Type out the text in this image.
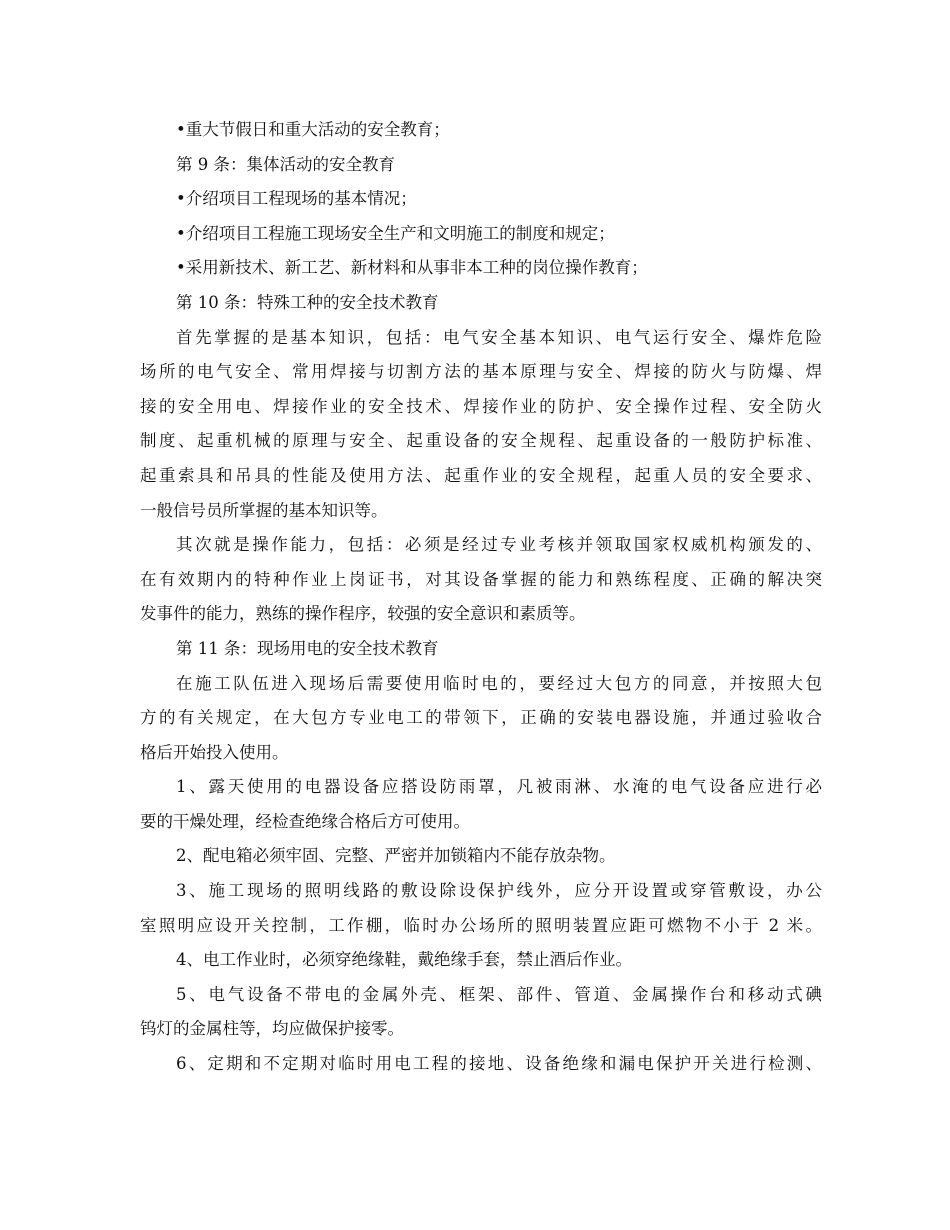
•重大节假日和重大活动的安全教育；
第 9 条：集体活动的安全教育
•介绍项目工程现场的基本情况；
•介绍项目工程施工现场安全生产和文明施工的制度和规定；
•采用新技术、新工艺、新材料和从事非本工种的岗位操作教育；
第 10 条：特殊工种的安全技术教育
首先掌握的是基本知识，包括：电气安全基本知识、电气运行安全、爆炸危险
场所的电气安全、常用焊接与切割方法的基本原理与安全、焊接的防火与防爆、焊
接的安全用电、焊接作业的安全技术、焊接作业的防护、安全操作过程、安全防火
制度、起重机械的原理与安全、起重设备的安全规程、起重设备的一般防护标准、
起重索具和吊具的性能及使用方法、起重作业的安全规程，起重人员的安全要求、
一般信号员所掌握的基本知识等。
其次就是操作能力，包括：必须是经过专业考核并领取国家权威机构颁发的、
在有效期内的特种作业上岗证书，对其设备掌握的能力和熟练程度、正确的解决突
发事件的能力，熟练的操作程序，较强的安全意识和素质等。
第 11 条：现场用电的安全技术教育
在施工队伍进入现场后需要使用临时电的，要经过大包方的同意，并按照大包
方的有关规定，在大包方专业电工的带领下，正确的安装电器设施，并通过验收合
格后开始投入使用。
1、露天使用的电器设备应搭设防雨罩，凡被雨淋、水淹的电气设备应进行必
要的干燥处理，经检查绝缘合格后方可使用。
2、配电箱必须牢固、完整、严密并加锁箱内不能存放杂物。
3、施工现场的照明线路的敷设除设保护线外，应分开设置或穿管敷设，办公
室照明应设开关控制，工作棚，临时办公场所的照明装置应距可燃物不小于 2 米。
4、电工作业时，必须穿绝缘鞋，戴绝缘手套，禁止酒后作业。
5、电气设备不带电的金属外壳、框架、部件、管道、金属操作台和移动式碘
钨灯的金属柱等，均应做保护接零。
6、定期和不定期对临时用电工程的接地、设备绝缘和漏电保护开关进行检测、
